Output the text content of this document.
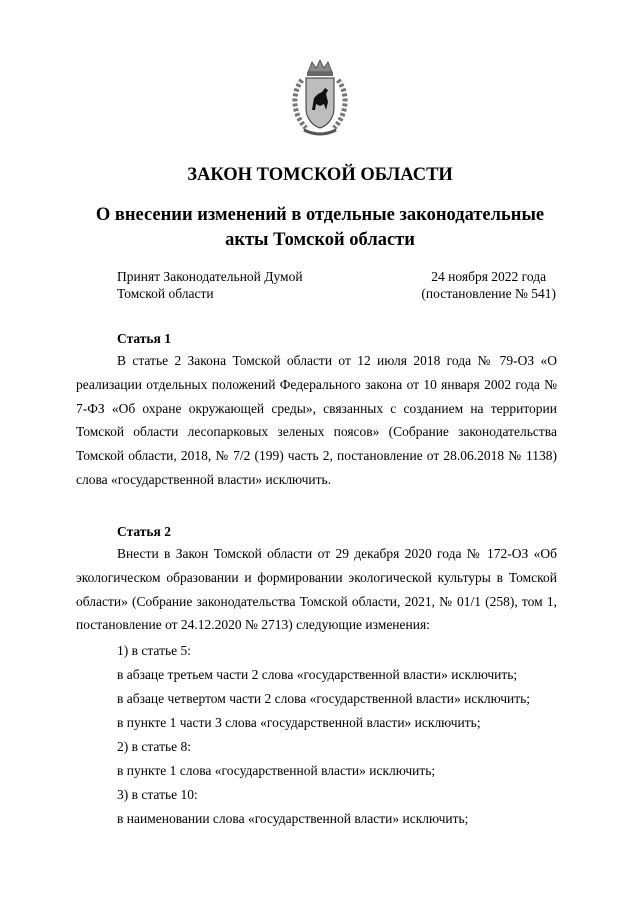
ЗАКОН ТОМСКОЙ ОБЛАСТИ
О внесении изменений в отдельные законодательные
акты Томской области
Принят Законодательной Думой
Томской области
24 ноября 2022 года
(постановление № 541)
Статья 1

В статье 2 Закона Томской области от 12 июля 2018 года № 79-ОЗ «О реализации отдельных положений Федерального закона от 10 января 2002 года № 7-ФЗ «Об охране окружающей среды», связанных с созданием на территории Томской области лесопарковых зеленых поясов» (Собрание законодательства Томской области, 2018, № 7/2 (199) часть 2, постановление от 28.06.2018 № 1138) слова «государственной власти» исключить.

Статья 2

Внести в Закон Томской области от 29 декабря 2020 года № 172-ОЗ «Об экологическом образовании и формировании экологической культуры в Томской области» (Собрание законодательства Томской области, 2021, № 01/1 (258), том 1, постановление от 24.12.2020 № 2713) следующие изменения:

1) в статье 5:
в абзаце третьем части 2 слова «государственной власти» исключить;
в абзаце четвертом части 2 слова «государственной власти» исключить;
в пункте 1 части 3 слова «государственной власти» исключить;
2) в статье 8:
в пункте 1 слова «государственной власти» исключить;
3) в статье 10:
в наименовании слова «государственной власти» исключить;
